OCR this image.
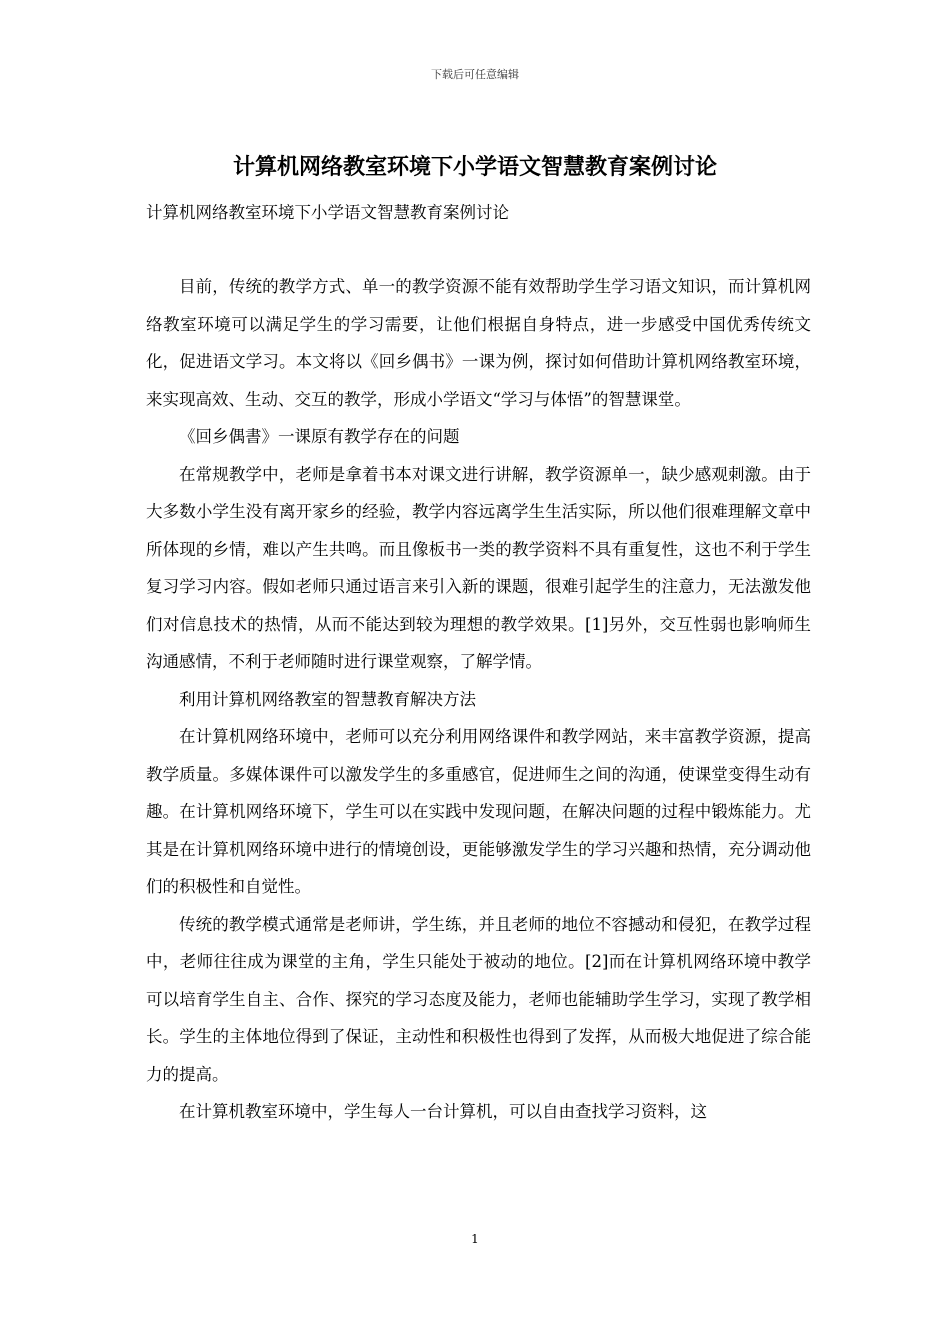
下载后可任意编辑
计算机网络教室环境下小学语文智慧教育案例讨论

计算机网络教室环境下小学语文智慧教育案例讨论

目前，传统的教学方式、单一的教学资源不能有效帮助学生学习语文知识，而计算机网络教室环境可以满足学生的学习需要，让他们根据自身特点，进一步感受中国优秀传统文化，促进语文学习。本文将以《回乡偶书》一课为例，探讨如何借助计算机网络教室环境，来实现高效、生动、交互的教学，形成小学语文“学习与体悟”的智慧课堂。

《回乡偶書》一课原有教学存在的问题

在常规教学中，老师是拿着书本对课文进行讲解，教学资源单一，缺少感观刺激。由于大多数小学生没有离开家乡的经验，教学内容远离学生生活实际，所以他们很难理解文章中所体现的乡情，难以产生共鸣。而且像板书一类的教学资料不具有重复性，这也不利于学生复习学习内容。假如老师只通过语言来引入新的课题，很难引起学生的注意力，无法激发他们对信息技术的热情，从而不能达到较为理想的教学效果。[1]另外，交互性弱也影响师生沟通感情，不利于老师随时进行课堂观察，了解学情。

利用计算机网络教室的智慧教育解决方法

在计算机网络环境中，老师可以充分利用网络课件和教学网站，来丰富教学资源，提高教学质量。多媒体课件可以激发学生的多重感官，促进师生之间的沟通，使课堂变得生动有趣。在计算机网络环境下，学生可以在实践中发现问题，在解决问题的过程中锻炼能力。尤其是在计算机网络环境中进行的情境创设，更能够激发学生的学习兴趣和热情，充分调动他们的积极性和自觉性。

传统的教学模式通常是老师讲，学生练，并且老师的地位不容撼动和侵犯，在教学过程中，老师往往成为课堂的主角，学生只能处于被动的地位。[2]而在计算机网络环境中教学可以培育学生自主、合作、探究的学习态度及能力，老师也能辅助学生学习，实现了教学相长。学生的主体地位得到了保证，主动性和积极性也得到了发挥，从而极大地促进了综合能力的提高。

在计算机教室环境中，学生每人一台计算机，可以自由查找学习资料，这

1
